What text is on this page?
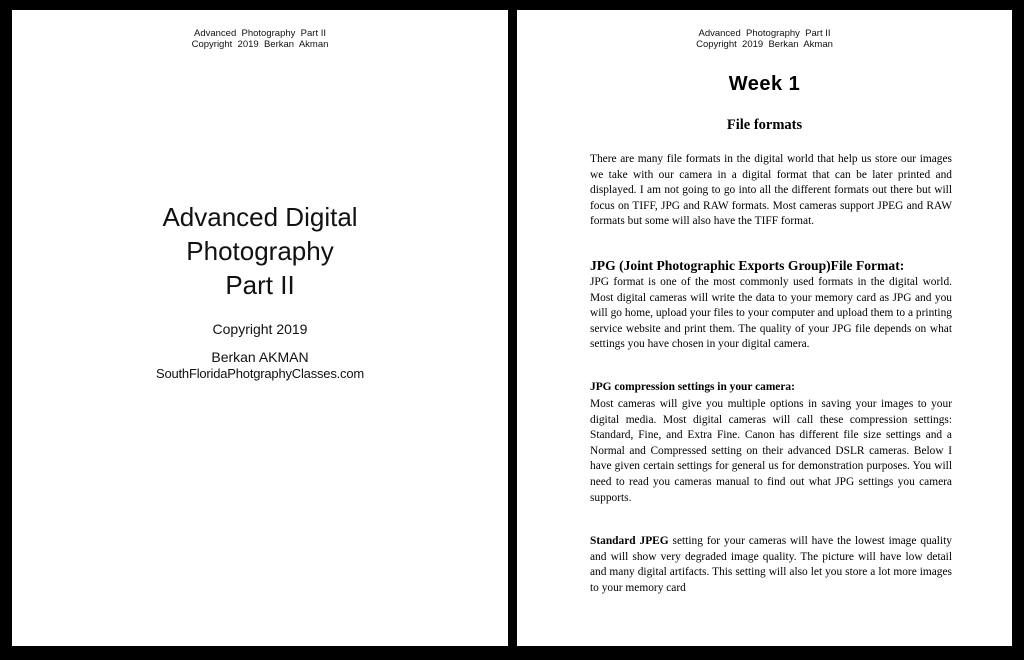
Advanced  Photography  Part II
Copyright  2019  Berkan  Akman
Advanced Digital
Photography
Part II
Copyright 2019
Berkan AKMAN
SouthFloridaPhotgraphyClasses.com
Advanced  Photography  Part II
Copyright  2019  Berkan  Akman
Week 1
File formats

There are many file formats in the digital world that help us store our images we take with our camera in a digital format that can be later printed and displayed. I am not going to go into all the different formats out there but will focus on TIFF, JPG and RAW formats. Most cameras support JPEG and RAW formats but some will also have the TIFF format.

JPG (Joint Photographic Exports Group)File Format:

JPG format is one of the most commonly used formats in the digital world. Most digital cameras will write the data to your memory card as JPG and you will go home, upload your files to your computer and upload them to a printing service website and print them. The quality of your JPG file depends on what settings you have chosen in your digital camera.

JPG compression settings in your camera:

Most cameras will give you multiple options in saving your images to your digital media. Most digital cameras will call these compression settings: Standard, Fine, and Extra Fine. Canon has different file size settings and a Normal and Compressed setting on their advanced DSLR cameras. Below I have given certain settings for general us for demonstration purposes. You will need to read you cameras manual to find out what JPG settings you camera supports.

Standard JPEG setting for your cameras will have the lowest image quality and will show very degraded image quality. The picture will have low detail and many digital artifacts. This setting will also let you store a lot more images to your memory card
